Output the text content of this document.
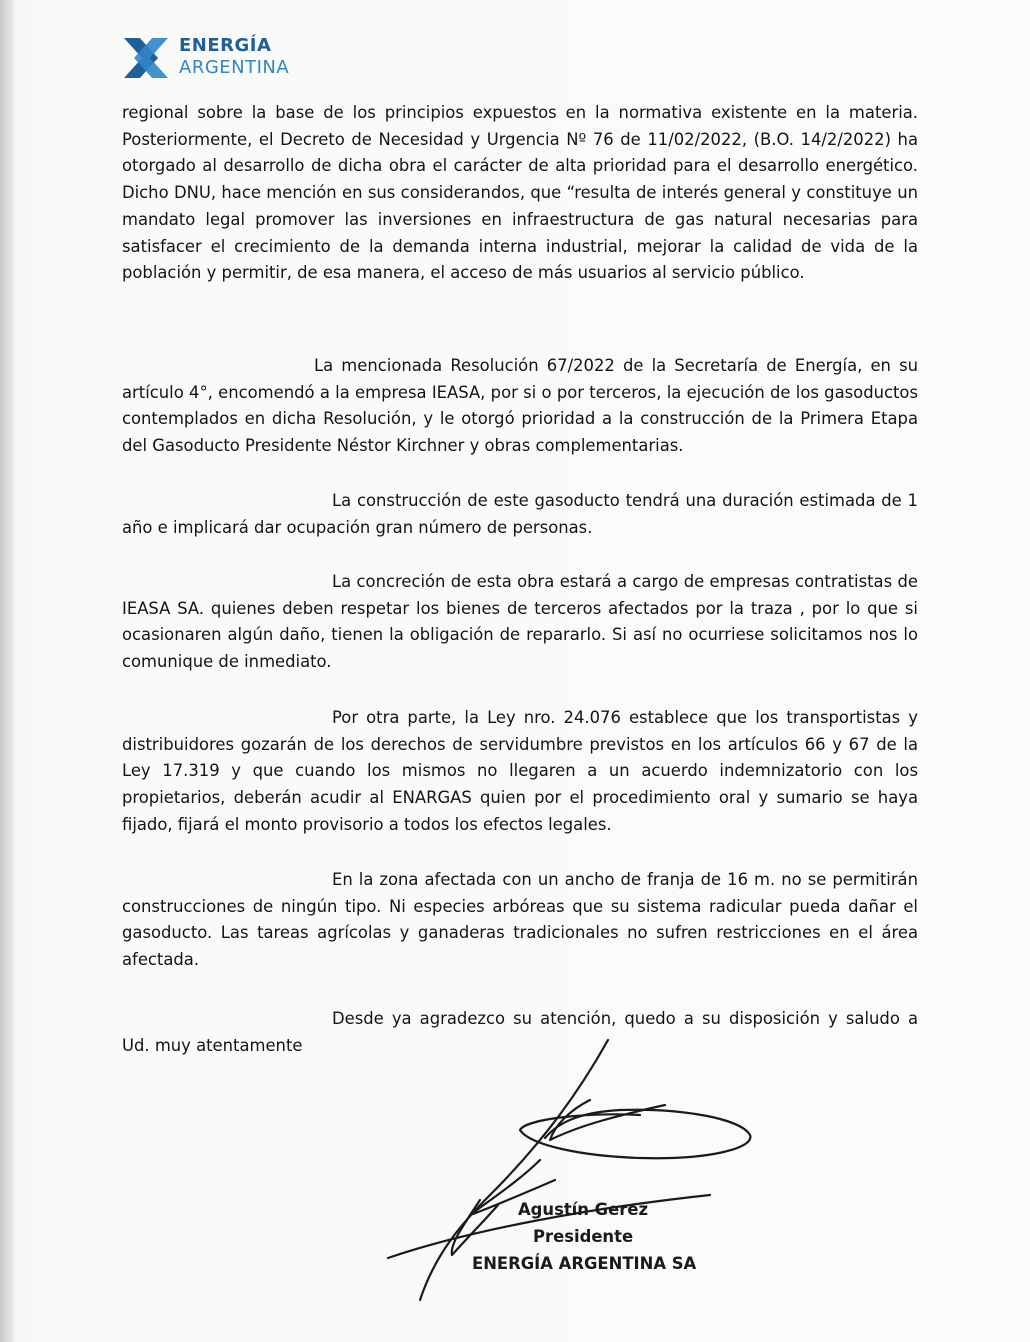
ENERGÍA
ARGENTINA
regional sobre la base de los principios expuestos en la normativa existente en la materia. Posteriormente, el Decreto de Necesidad y Urgencia Nº 76 de 11/02/2022, (B.O. 14/2/2022) ha otorgado al desarrollo de dicha obra el carácter de alta prioridad para el desarrollo energético. Dicho DNU, hace mención en sus considerandos, que “resulta de interés general y constituye un mandato legal promover las inversiones en infraestructura de gas natural necesarias para satisfacer el crecimiento de la demanda interna industrial, mejorar la calidad de vida de la población y permitir, de esa manera, el acceso de más usuarios al servicio público.
La mencionada Resolución 67/2022 de la Secretaría de Energía, en su artículo 4°, encomendó a la empresa IEASA, por si o por terceros, la ejecución de los gasoductos contemplados en dicha Resolución, y le otorgó prioridad a la construcción de la Primera Etapa del Gasoducto Presidente Néstor Kirchner y obras complementarias.
La construcción de este gasoducto tendrá una duración estimada de 1 año e implicará dar ocupación gran número de personas.
La concreción de esta obra estará a cargo de empresas contratistas de IEASA SA. quienes deben respetar los bienes de terceros afectados por la traza , por lo que si ocasionaren algún daño, tienen la obligación de repararlo. Si así no ocurriese solicitamos nos lo comunique de inmediato.
Por otra parte, la Ley nro. 24.076 establece que los transportistas y distribuidores gozarán de los derechos de servidumbre previstos en los artículos 66 y 67 de la Ley 17.319 y que cuando los mismos no llegaren a un acuerdo indemnizatorio con los propietarios, deberán acudir al ENARGAS quien por el procedimiento oral y sumario se haya fijado, fijará el monto provisorio a todos los efectos legales.
En la zona afectada con un ancho de franja de 16 m. no se permitirán construcciones de ningún tipo. Ni especies arbóreas que su sistema radicular pueda dañar el gasoducto. Las tareas agrícolas y ganaderas tradicionales no sufren restricciones en el área afectada.
Desde ya agradezco su atención, quedo a su disposición y saludo a Ud. muy atentamente
Agustín Gerez
Presidente
ENERGÍA ARGENTINA SA
